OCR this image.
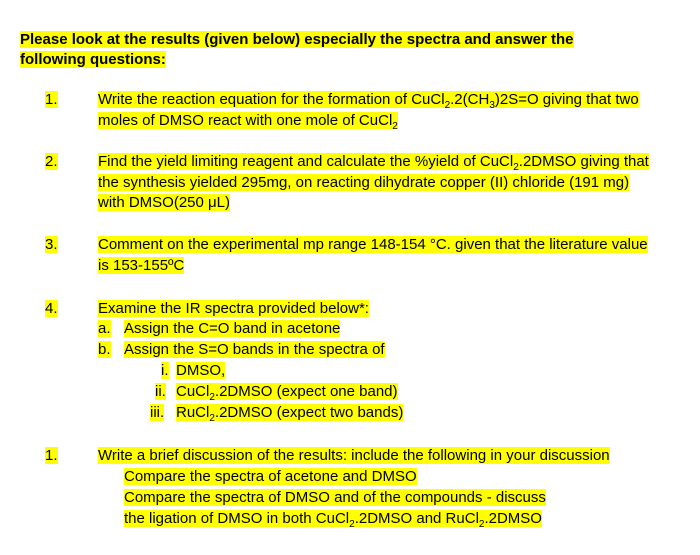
Please look at the results (given below) especially the spectra and answer the
following questions:
1.	Write the reaction equation for the formation of $CuCl_2.2(CH_3)2S=O$ giving that two
moles of DMSO react with one mole of CuCl$_2$
2.	Find the yield limiting reagent and calculate the %yield of CuCl$_2$.2DMSO giving that
the synthesis yielded 295mg, on reacting dihydrate copper (II) chloride (191 mg)
with DMSO(250 μL)
3.	Comment on the experimental mp range 148-154 °C. given that the literature value
is 153-155ºC
4.	Examine the IR spectra provided below*:
a. Assign the C=O band in acetone
b. Assign the S=O bands in the spectra of
i. DMSO,
ii. CuCl$_2$.2DMSO (expect one band)
iii. RuCl$_2$.2DMSO (expect two bands)
1.	Write a brief discussion of the results: include the following in your discussion
Compare the spectra of acetone and DMSO
Compare the spectra of DMSO and of the compounds - discuss
the ligation of DMSO in both CuCl$_2$.2DMSO and RuCl$_2$.2DMSO
